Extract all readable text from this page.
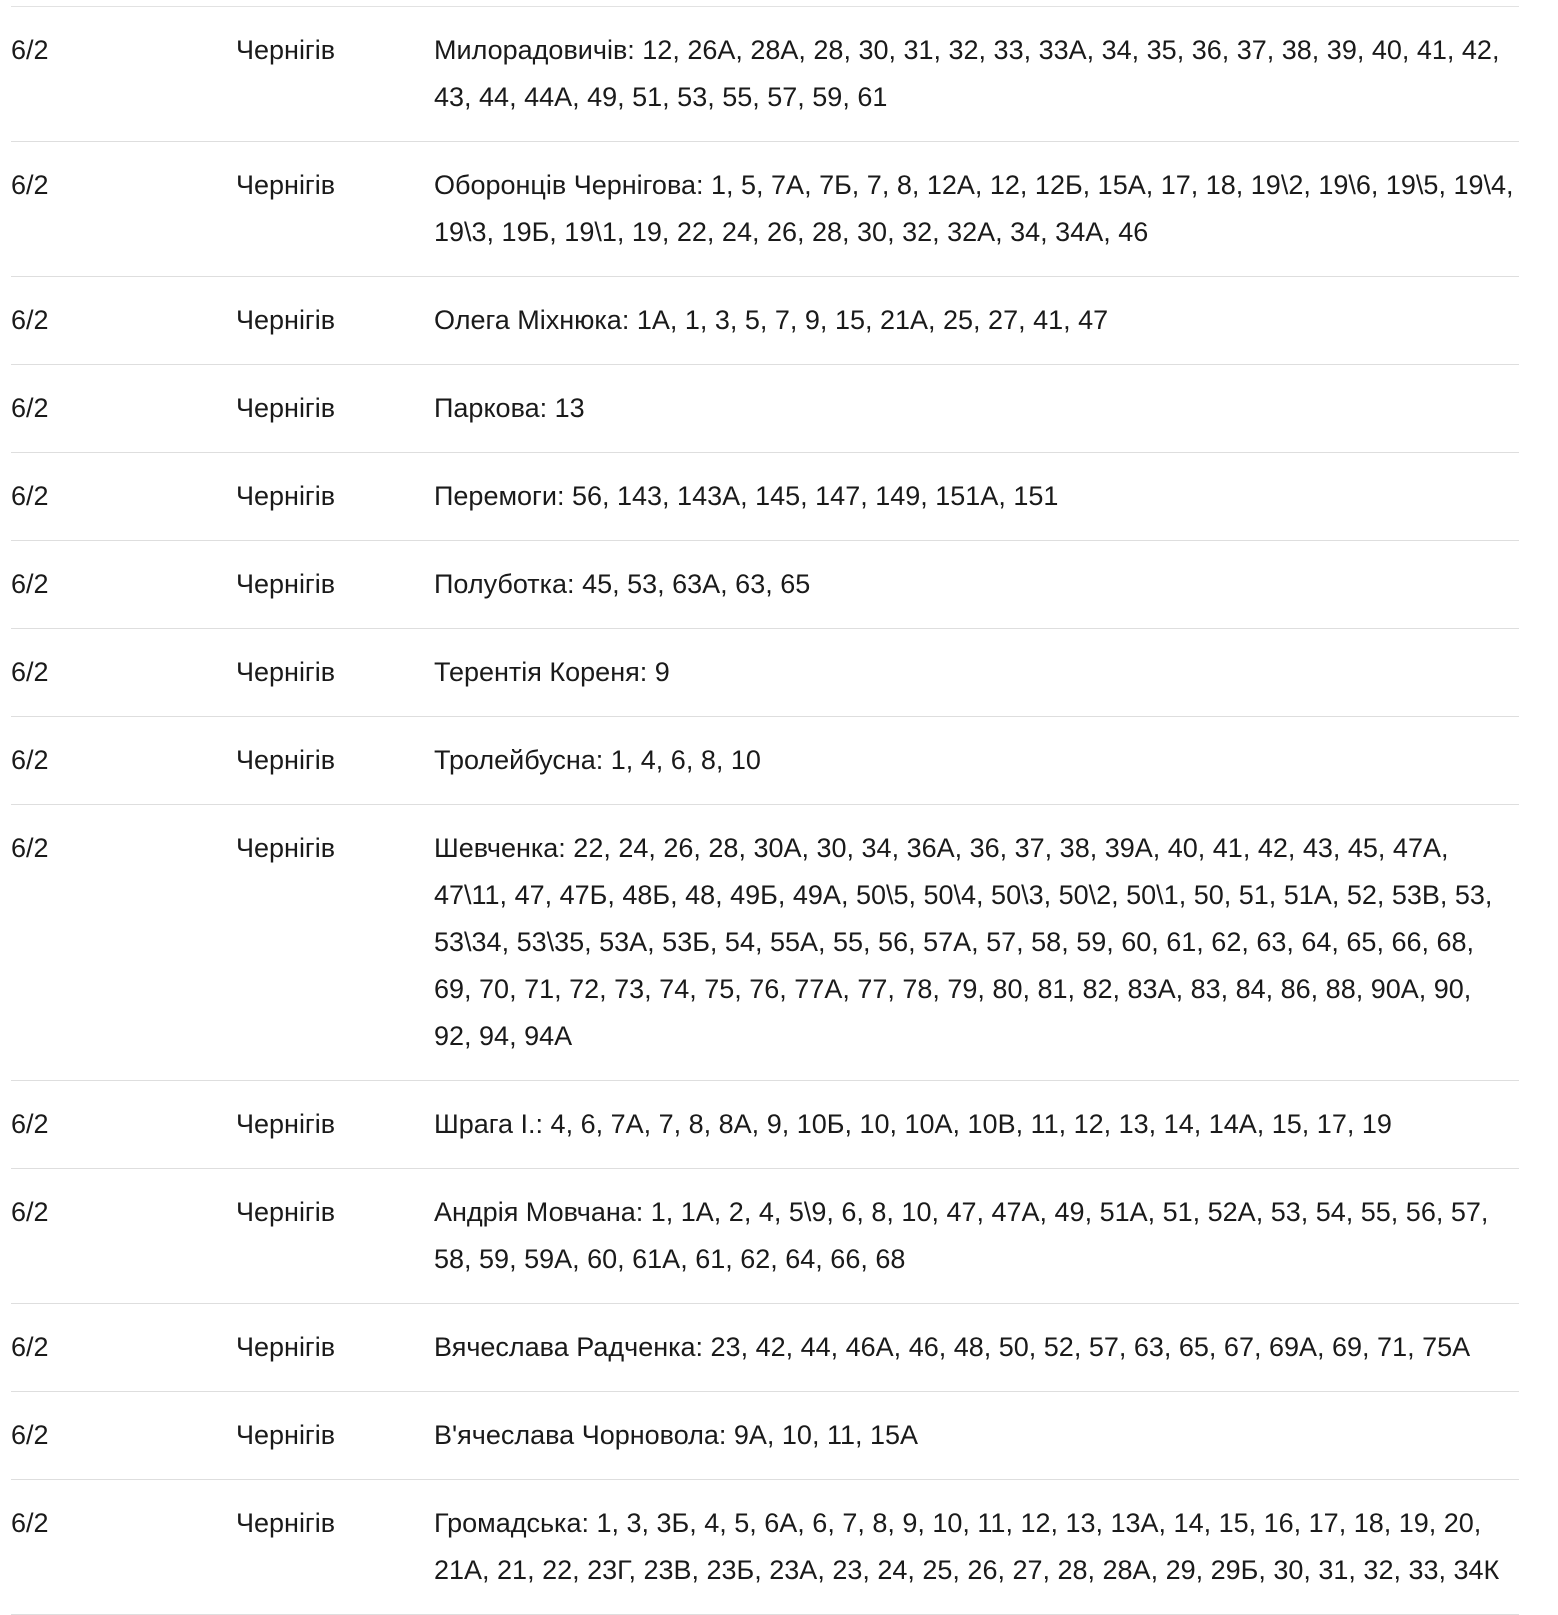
6/2	Чернігів	Милорадовичів: 12, 26А, 28А, 28, 30, 31, 32, 33, 33А, 34, 35, 36, 37, 38, 39, 40, 41, 42, 43, 44, 44А, 49, 51, 53, 55, 57, 59, 61
6/2	Чернігів	Оборонців Чернігова: 1, 5, 7А, 7Б, 7, 8, 12А, 12, 12Б, 15А, 17, 18, 19\2, 19\6, 19\5, 19\4, 19\3, 19Б, 19\1, 19, 22, 24, 26, 28, 30, 32, 32А, 34, 34А, 46
6/2	Чернігів	Олега Міхнюка: 1А, 1, 3, 5, 7, 9, 15, 21А, 25, 27, 41, 47
6/2	Чернігів	Паркова: 13
6/2	Чернігів	Перемоги: 56, 143, 143А, 145, 147, 149, 151А, 151
6/2	Чернігів	Полуботка: 45, 53, 63А, 63, 65
6/2	Чернігів	Терентія Кореня: 9
6/2	Чернігів	Тролейбусна: 1, 4, 6, 8, 10
6/2	Чернігів	Шевченка: 22, 24, 26, 28, 30А, 30, 34, 36А, 36, 37, 38, 39А, 40, 41, 42, 43, 45, 47А, 47\11, 47, 47Б, 48Б, 48, 49Б, 49А, 50\5, 50\4, 50\3, 50\2, 50\1, 50, 51, 51А, 52, 53В, 53, 53\34, 53\35, 53А, 53Б, 54, 55А, 55, 56, 57А, 57, 58, 59, 60, 61, 62, 63, 64, 65, 66, 68, 69, 70, 71, 72, 73, 74, 75, 76, 77А, 77, 78, 79, 80, 81, 82, 83А, 83, 84, 86, 88, 90А, 90, 92, 94, 94А
6/2	Чернігів	Шрага І.: 4, 6, 7А, 7, 8, 8А, 9, 10Б, 10, 10А, 10В, 11, 12, 13, 14, 14А, 15, 17, 19
6/2	Чернігів	Андрія Мовчана: 1, 1А, 2, 4, 5\9, 6, 8, 10, 47, 47А, 49, 51А, 51, 52А, 53, 54, 55, 56, 57, 58, 59, 59А, 60, 61А, 61, 62, 64, 66, 68
6/2	Чернігів	Вячеслава Радченка: 23, 42, 44, 46А, 46, 48, 50, 52, 57, 63, 65, 67, 69А, 69, 71, 75А
6/2	Чернігів	В'ячеслава Чорновола: 9А, 10, 11, 15А
6/2	Чернігів	Громадська: 1, 3, 3Б, 4, 5, 6А, 6, 7, 8, 9, 10, 11, 12, 13, 13А, 14, 15, 16, 17, 18, 19, 20, 21А, 21, 22, 23Г, 23В, 23Б, 23А, 23, 24, 25, 26, 27, 28, 28А, 29, 29Б, 30, 31, 32, 33, 34К
